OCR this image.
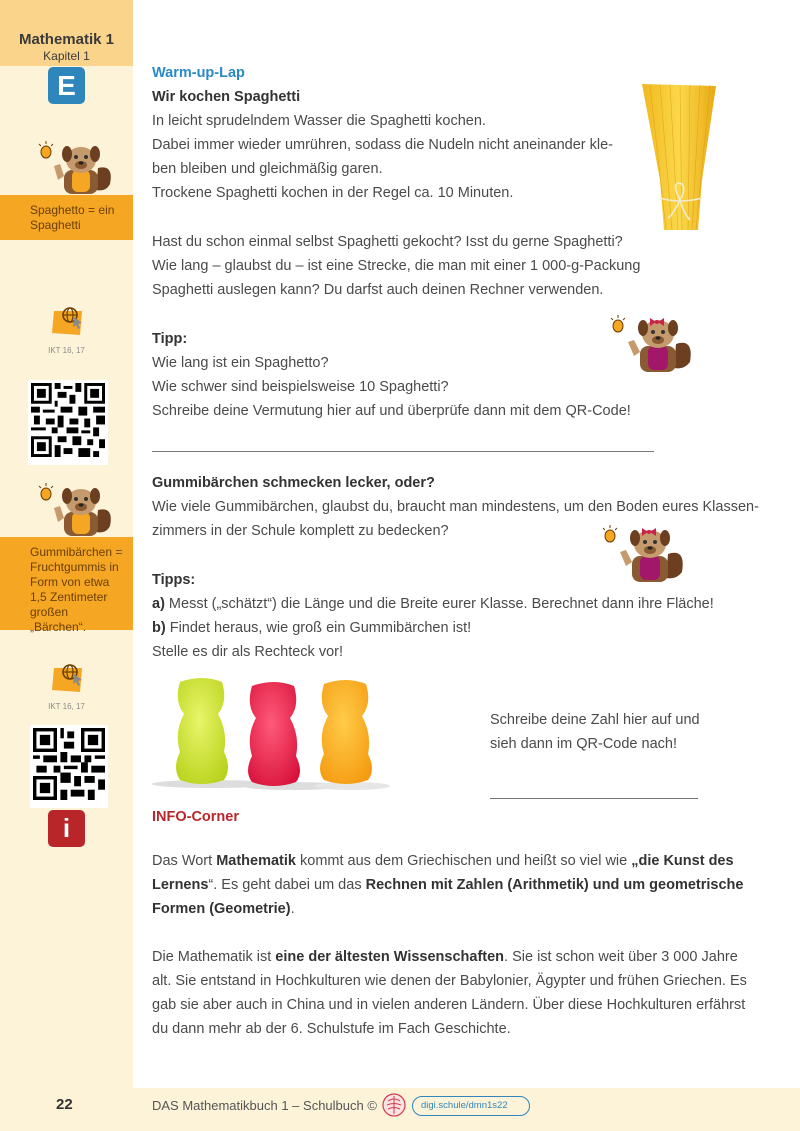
Mathematik 1
Kapitel 1
E
Spaghetto = ein Spaghetti
IKT 16, 17
Gummibärchen = Fruchtgummis in Form von etwa 1,5 Zentimeter großen „Bärchen“.
IKT 16, 17
i
Warm-up-Lap
Wir kochen Spaghetti
In leicht sprudelndem Wasser die Spaghetti kochen.
Dabei immer wieder umrühren, sodass die Nudeln nicht aneinander kle-
ben bleiben und gleichmäßig garen.
Trockene Spaghetti kochen in der Regel ca. 10 Minuten.
Hast du schon einmal selbst Spaghetti gekocht? Isst du gerne Spaghetti?
Wie lang – glaubst du – ist eine Strecke, die man mit einer 1 000-g-Packung
Spaghetti auslegen kann? Du darfst auch deinen Rechner verwenden.
Tipp:
Wie lang ist ein Spaghetto?
Wie schwer sind beispielsweise 10 Spaghetti?
Schreibe deine Vermutung hier auf und überprüfe dann mit dem QR-Code!
Gummibärchen schmecken lecker, oder?
Wie viele Gummibärchen, glaubst du, braucht man mindestens, um den Boden eures Klassen-
zimmers in der Schule komplett zu bedecken?
Tipps:
a) Messt („schätzt“) die Länge und die Breite eurer Klasse. Berechnet dann ihre Fläche!
b) Findet heraus, wie groß ein Gummibärchen ist!
Stelle es dir als Rechteck vor!
Schreibe deine Zahl hier auf und
sieh dann im QR-Code nach!
INFO-Corner
Das Wort Mathematik kommt aus dem Griechischen und heißt so viel wie „die Kunst des
Lernens“. Es geht dabei um das Rechnen mit Zahlen (Arithmetik) und um geometrische
Formen (Geometrie).
Die Mathematik ist eine der ältesten Wissenschaften. Sie ist schon weit über 3 000 Jahre
alt. Sie entstand in Hochkulturen wie denen der Babylonier, Ägypter und frühen Griechen. Es
gab sie aber auch in China und in vielen anderen Ländern. Über diese Hochkulturen erfährst
du dann mehr ab der 6. Schulstufe im Fach Geschichte.
22	DAS Mathematikbuch 1 – Schulbuch ©	digi.schule/dmn1s22
